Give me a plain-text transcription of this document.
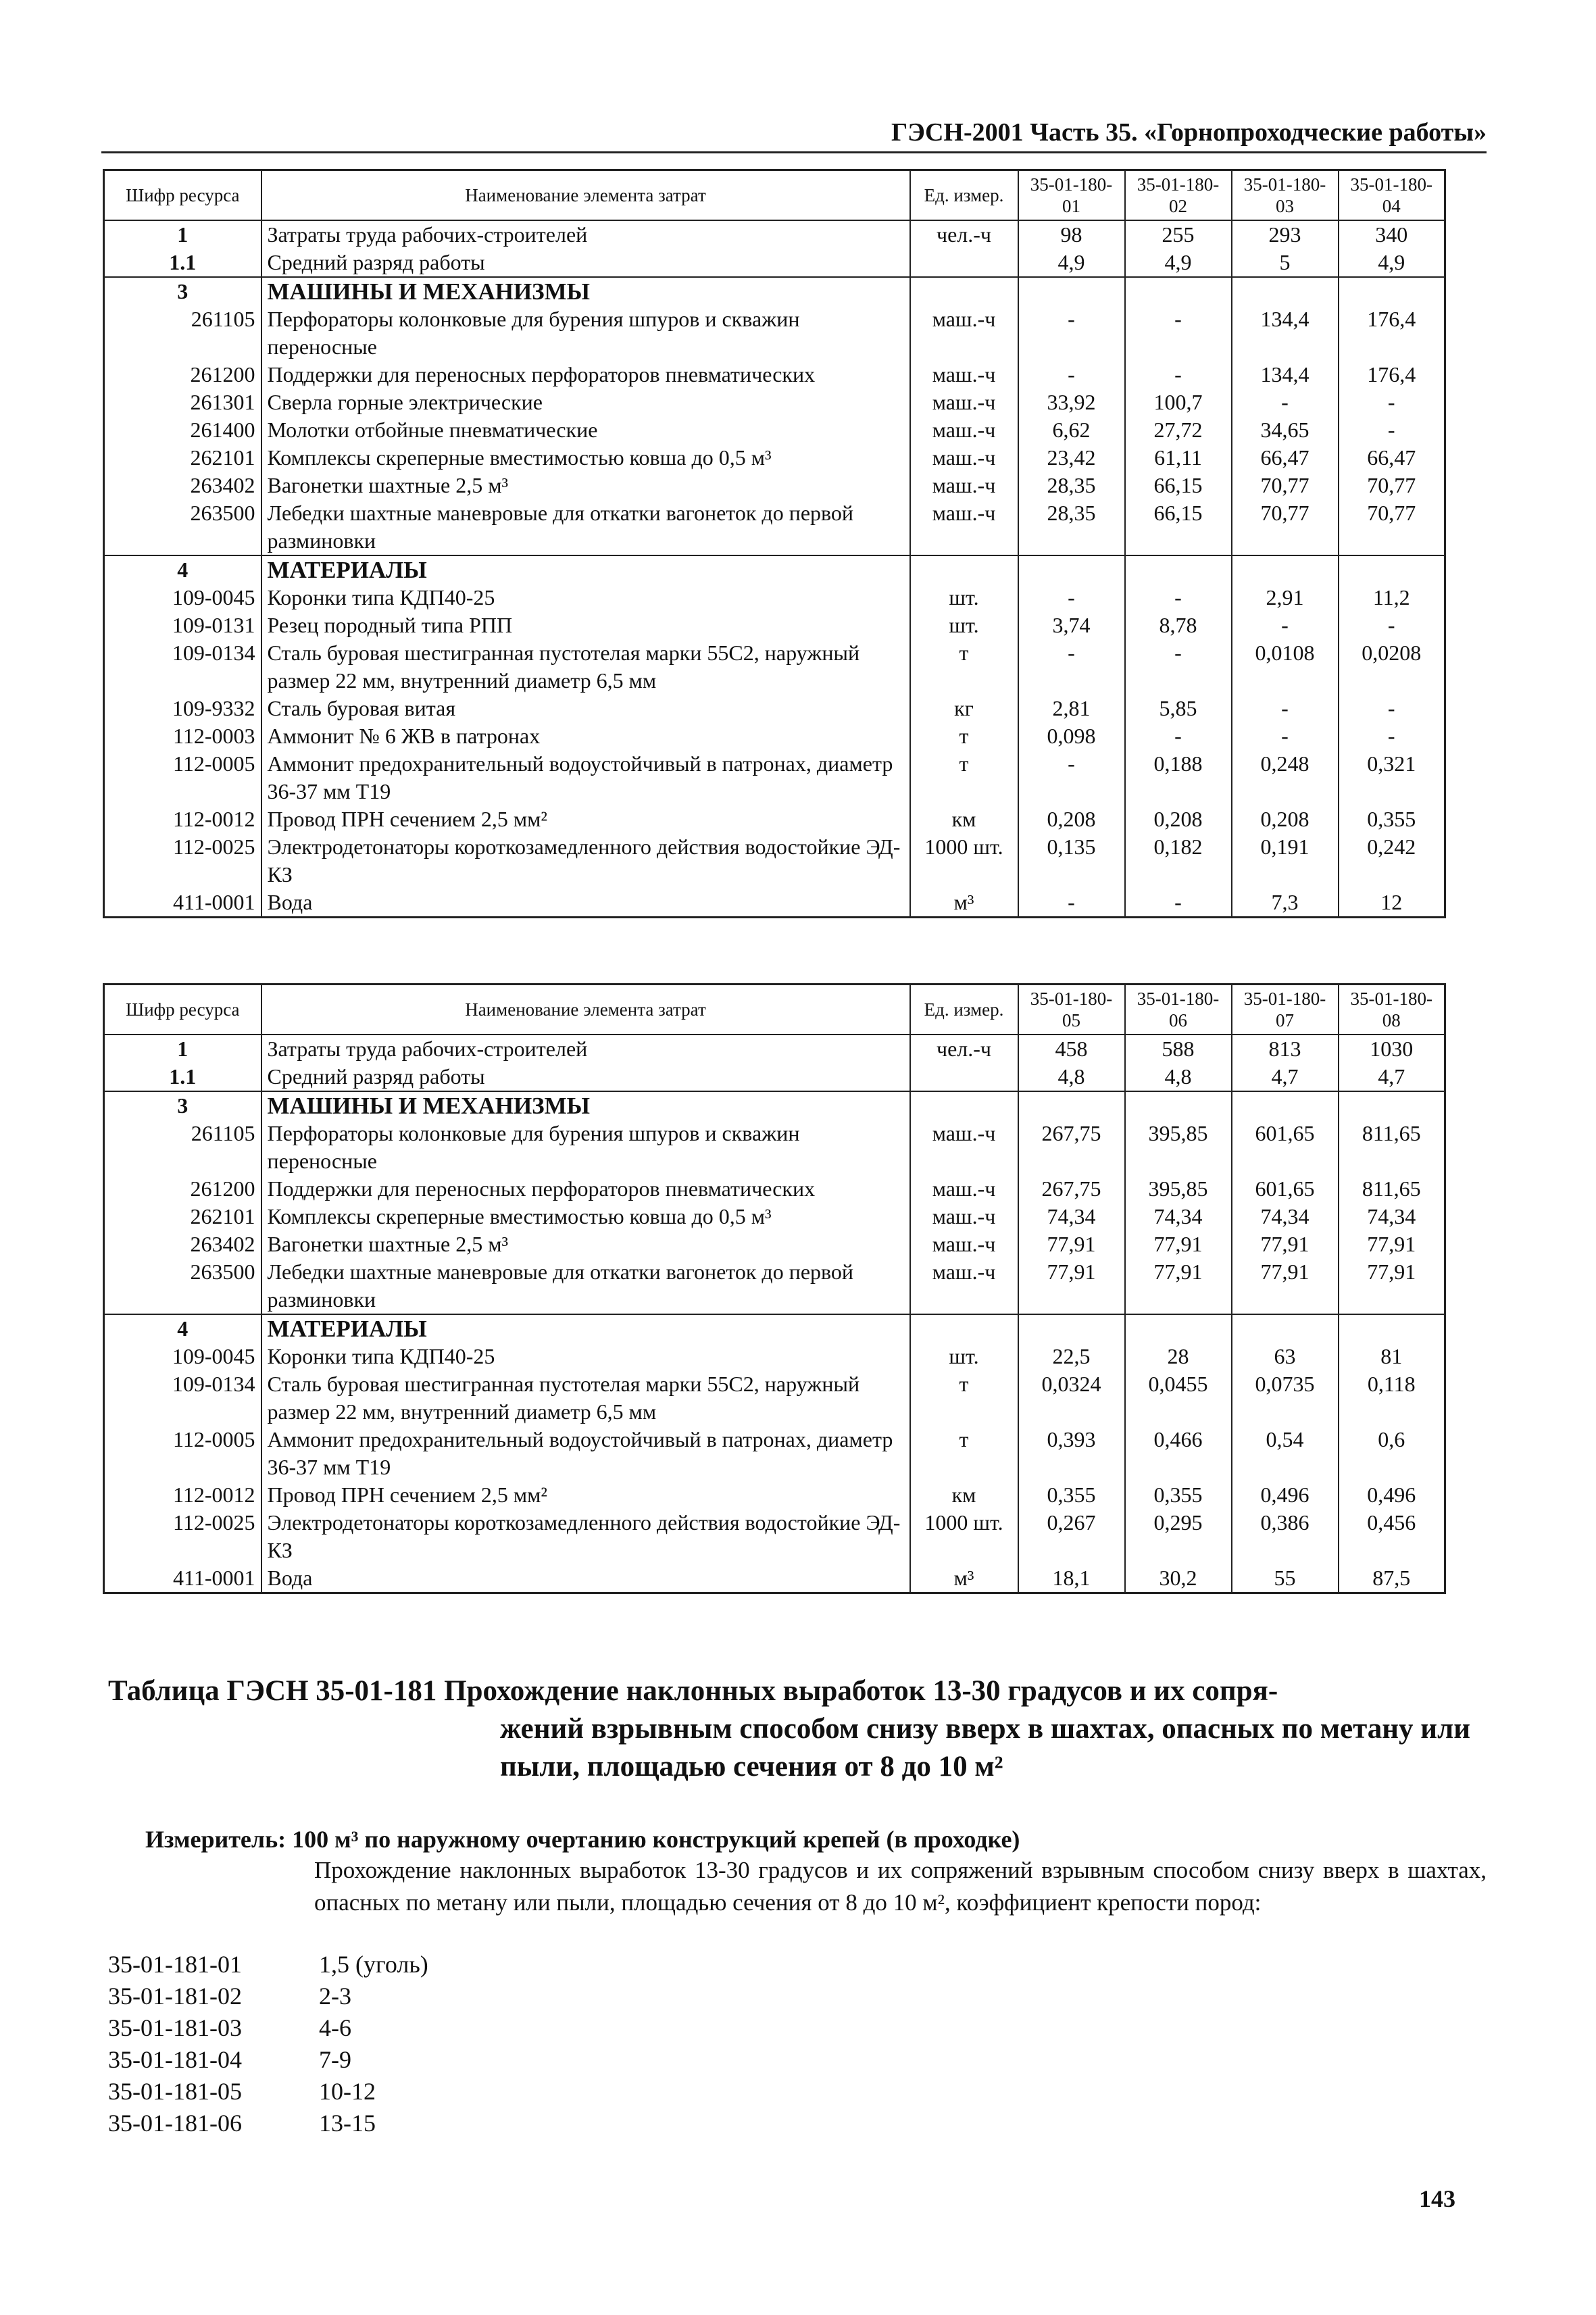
ГЭСН-2001 Часть 35. «Горнопроходческие работы»
Шифр ресурса	Наименование элемента затрат	Ед. измер.	35-01-180-01	35-01-180-02	35-01-180-03	35-01-180-04
1	Затраты труда рабочих-строителей	чел.-ч	98	255	293	340
1.1	Средний разряд работы		4,9	4,9	5	4,9
3	МАШИНЫ И МЕХАНИЗМЫ					
261105	Перфораторы колонковые для бурения шпуров и скважин переносные	маш.-ч	-	-	134,4	176,4
261200	Поддержки для переносных перфораторов пневматических	маш.-ч	-	-	134,4	176,4
261301	Сверла горные электрические	маш.-ч	33,92	100,7	-	-
261400	Молотки отбойные пневматические	маш.-ч	6,62	27,72	34,65	-
262101	Комплексы скреперные вместимостью ковша до 0,5 м³	маш.-ч	23,42	61,11	66,47	66,47
263402	Вагонетки шахтные 2,5 м³	маш.-ч	28,35	66,15	70,77	70,77
263500	Лебедки шахтные маневровые для откатки вагонеток до первой разминовки	маш.-ч	28,35	66,15	70,77	70,77
4	МАТЕРИАЛЫ					
109-0045	Коронки типа КДП40-25	шт.	-	-	2,91	11,2
109-0131	Резец породный типа РПП	шт.	3,74	8,78	-	-
109-0134	Сталь буровая шестигранная пустотелая марки 55С2, наружный размер 22 мм, внутренний диаметр 6,5 мм	т	-	-	0,0108	0,0208
109-9332	Сталь буровая витая	кг	2,81	5,85	-	-
112-0003	Аммонит № 6 ЖВ в патронах	т	0,098	-	-	-
112-0005	Аммонит предохранительный водоустойчивый в патронах, диаметр 36-37 мм Т19	т	-	0,188	0,248	0,321
112-0012	Провод ПРН сечением 2,5 мм²	км	0,208	0,208	0,208	0,355
112-0025	Электродетонаторы короткозамедленного действия водостойкие ЭД-КЗ	1000 шт.	0,135	0,182	0,191	0,242
411-0001	Вода	м³	-	-	7,3	12
Шифр ресурса	Наименование элемента затрат	Ед. измер.	35-01-180-05	35-01-180-06	35-01-180-07	35-01-180-08
1	Затраты труда рабочих-строителей	чел.-ч	458	588	813	1030
1.1	Средний разряд работы		4,8	4,8	4,7	4,7
3	МАШИНЫ И МЕХАНИЗМЫ					
261105	Перфораторы колонковые для бурения шпуров и скважин переносные	маш.-ч	267,75	395,85	601,65	811,65
261200	Поддержки для переносных перфораторов пневматических	маш.-ч	267,75	395,85	601,65	811,65
262101	Комплексы скреперные вместимостью ковша до 0,5 м³	маш.-ч	74,34	74,34	74,34	74,34
263402	Вагонетки шахтные 2,5 м³	маш.-ч	77,91	77,91	77,91	77,91
263500	Лебедки шахтные маневровые для откатки вагонеток до первой разминовки	маш.-ч	77,91	77,91	77,91	77,91
4	МАТЕРИАЛЫ					
109-0045	Коронки типа КДП40-25	шт.	22,5	28	63	81
109-0134	Сталь буровая шестигранная пустотелая марки 55С2, наружный размер 22 мм, внутренний диаметр 6,5 мм	т	0,0324	0,0455	0,0735	0,118
112-0005	Аммонит предохранительный водоустойчивый в патронах, диаметр 36-37 мм Т19	т	0,393	0,466	0,54	0,6
112-0012	Провод ПРН сечением 2,5 мм²	км	0,355	0,355	0,496	0,496
112-0025	Электродетонаторы короткозамедленного действия водостойкие ЭД-КЗ	1000 шт.	0,267	0,295	0,386	0,456
411-0001	Вода	м³	18,1	30,2	55	87,5
Таблица ГЭСН 35-01-181 Прохождение наклонных выработок 13-30 градусов и их сопря-
жений взрывным способом снизу вверх в шахтах, опасных по метану или пыли, площадью сечения от 8 до 10 м²
Измеритель: 100 м³ по наружному очертанию конструкций крепей (в проходке)
Прохождение наклонных выработок 13-30 градусов и их сопряжений взрывным способом снизу вверх в шахтах, опасных по метану или пыли, площадью сечения от 8 до 10 м², коэффициент крепости пород:
35-01-181-01	1,5 (уголь)
35-01-181-02	2-3
35-01-181-03	4-6
35-01-181-04	7-9
35-01-181-05	10-12
35-01-181-06	13-15
143
